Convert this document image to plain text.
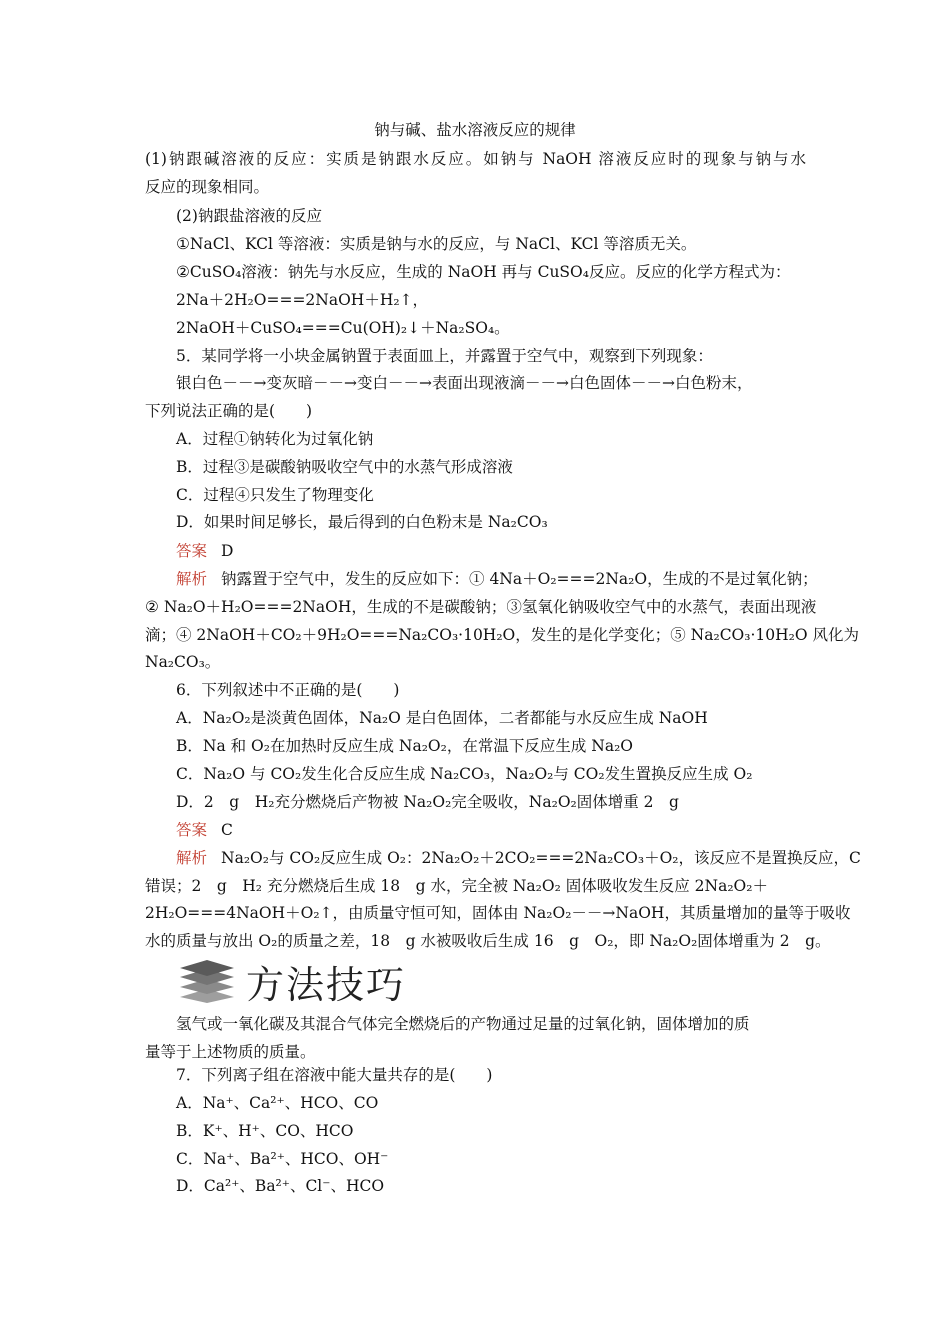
钠与碱、盐水溶液反应的规律
(1)钠跟碱溶液的反应：实质是钠跟水反应。如钠与 NaOH 溶液反应时的现象与钠与水
反应的现象相同。
(2)钠跟盐溶液的反应
①NaCl、KCl 等溶液：实质是钠与水的反应，与 NaCl、KCl 等溶质无关。
②CuSO₄溶液：钠先与水反应，生成的 NaOH 再与 CuSO₄反应。反应的化学方程式为：
2Na＋2H₂O===2NaOH＋H₂↑，
2NaOH＋CuSO₄===Cu(OH)₂↓＋Na₂SO₄。
5．某同学将一小块金属钠置于表面皿上，并露置于空气中，观察到下列现象：
银白色－－→变灰暗－－→变白－－→表面出现液滴－－→白色固体－－→白色粉末，
下列说法正确的是(　　)
A．过程①钠转化为过氧化钠
B．过程③是碳酸钠吸收空气中的水蒸气形成溶液
C．过程④只发生了物理变化
D．如果时间足够长，最后得到的白色粉末是 Na₂CO₃
答案 D
解析 钠露置于空气中，发生的反应如下：① 4Na＋O₂===2Na₂O，生成的不是过氧化钠；
② Na₂O＋H₂O===2NaOH，生成的不是碳酸钠；③氢氧化钠吸收空气中的水蒸气，表面出现液
滴；④ 2NaOH＋CO₂＋9H₂O===Na₂CO₃·10H₂O，发生的是化学变化；⑤ Na₂CO₃·10H₂O 风化为
Na₂CO₃。
6．下列叙述中不正确的是(　　)
A．Na₂O₂是淡黄色固体，Na₂O 是白色固体，二者都能与水反应生成 NaOH
B．Na 和 O₂在加热时反应生成 Na₂O₂，在常温下反应生成 Na₂O
C．Na₂O 与 CO₂发生化合反应生成 Na₂CO₃，Na₂O₂与 CO₂发生置换反应生成 O₂
D．2　g　H₂充分燃烧后产物被 Na₂O₂完全吸收，Na₂O₂固体增重 2　g
答案 C
解析 Na₂O₂与 CO₂反应生成 O₂：2Na₂O₂＋2CO₂===2Na₂CO₃＋O₂，该反应不是置换反应，C
错误；2　g　H₂ 充分燃烧后生成 18　g 水，完全被 Na₂O₂ 固体吸收发生反应 2Na₂O₂＋
2H₂O===4NaOH＋O₂↑，由质量守恒可知，固体由 Na₂O₂－－→NaOH，其质量增加的量等于吸收
水的质量与放出 O₂的质量之差，18　g 水被吸收后生成 16　g　O₂，即 Na₂O₂固体增重为 2　g。
方法技巧
氢气或一氧化碳及其混合气体完全燃烧后的产物通过足量的过氧化钠，固体增加的质
量等于上述物质的质量。
7．下列离子组在溶液中能大量共存的是(　　)
A．Na⁺、Ca²⁺、HCO、CO
B．K⁺、H⁺、CO、HCO
C．Na⁺、Ba²⁺、HCO、OH⁻
D．Ca²⁺、Ba²⁺、Cl⁻、HCO
